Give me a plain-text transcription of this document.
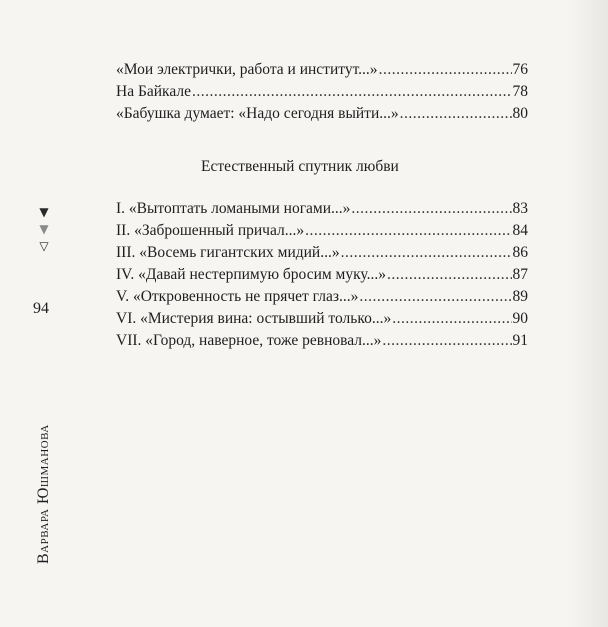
«Мои электрички, работа и институт...» .....	76
На Байкале .....	78
«Бабушка думает: «Надо сегодня выйти...» .....	80
Естественный спутник любви
I. «Вытоптать ломаными ногами...» .....	83
II. «Заброшенный причал...» .....	84
III. «Восемь гигантских мидий...» .....	86
IV. «Давай нестерпимую бросим муку...» .....	87
V. «Откровенность не прячет глаз...» .....	89
VI. «Мистерия вина: остывший только...» .....	90
VII. «Город, наверное, тоже ревновал...» .....	91
▼
▼
▽
94
Варвара Юшманова
